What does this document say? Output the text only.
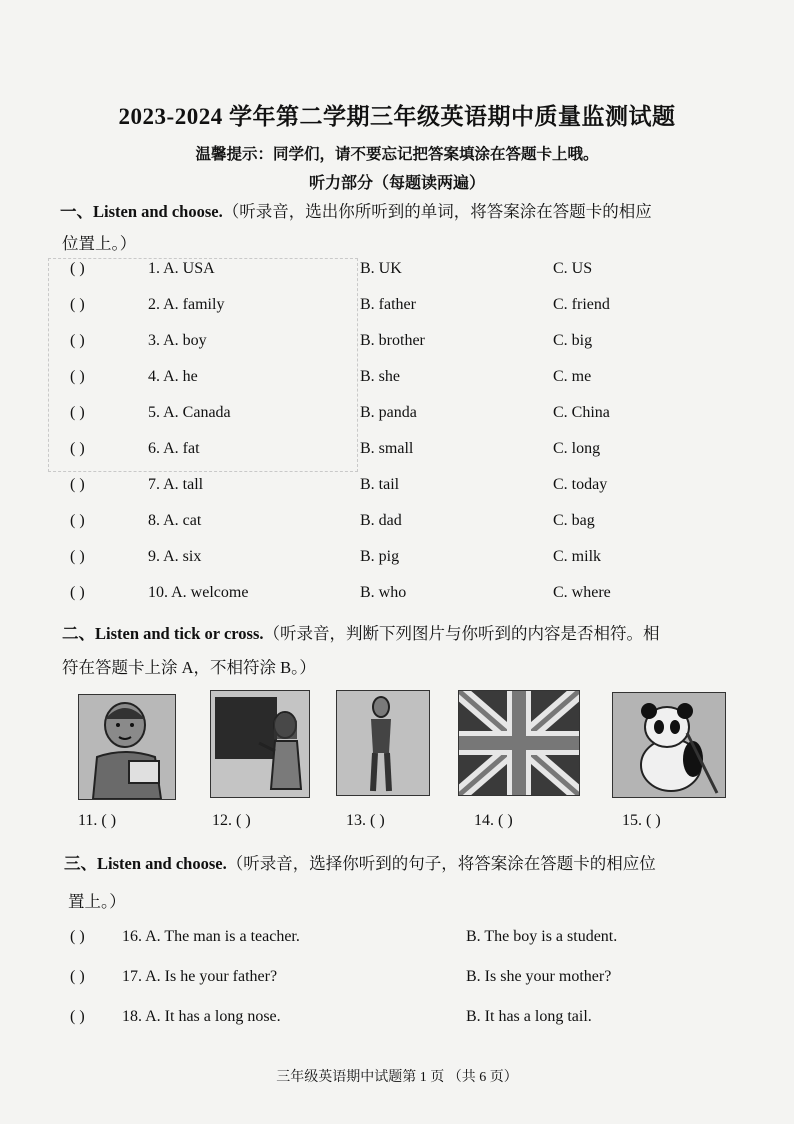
2023-2024 学年第二学期三年级英语期中质量监测试题
温馨提示：同学们，请不要忘记把答案填涂在答题卡上哦。
听力部分（每题读两遍）
一、Listen and choose.（听录音，选出你所听到的单词，将答案涂在答题卡的相应
位置上。）
( )	1. A. USA	B. UK	C. US
( )	2. A. family	B. father	C. friend
( )	3. A. boy	B. brother	C. big
( )	4. A. he	B. she	C. me
( )	5. A. Canada	B. panda	C. China
( )	6. A. fat	B. small	C. long
( )	7. A. tall	B. tail	C. today
( )	8. A. cat	B. dad	C. bag
( )	9. A. six	B. pig	C. milk
( )	10. A. welcome	B. who	C. where
二、Listen and tick or cross.（听录音，判断下列图片与你听到的内容是否相符。相
符在答题卡上涂 A，不相符涂 B。）
11. ( )	12. ( )	13. ( )	14. ( )	15. ( )
三、Listen and choose.（听录音，选择你听到的句子，将答案涂在答题卡的相应位
置上。）
( ) 16. A. The man is a teacher.	B. The boy is a student.
( ) 17. A. Is he your father?	B. Is she your mother?
( ) 18. A. It has a long nose.	B. It has a long tail.
三年级英语期中试题第 1 页 （共 6 页）
